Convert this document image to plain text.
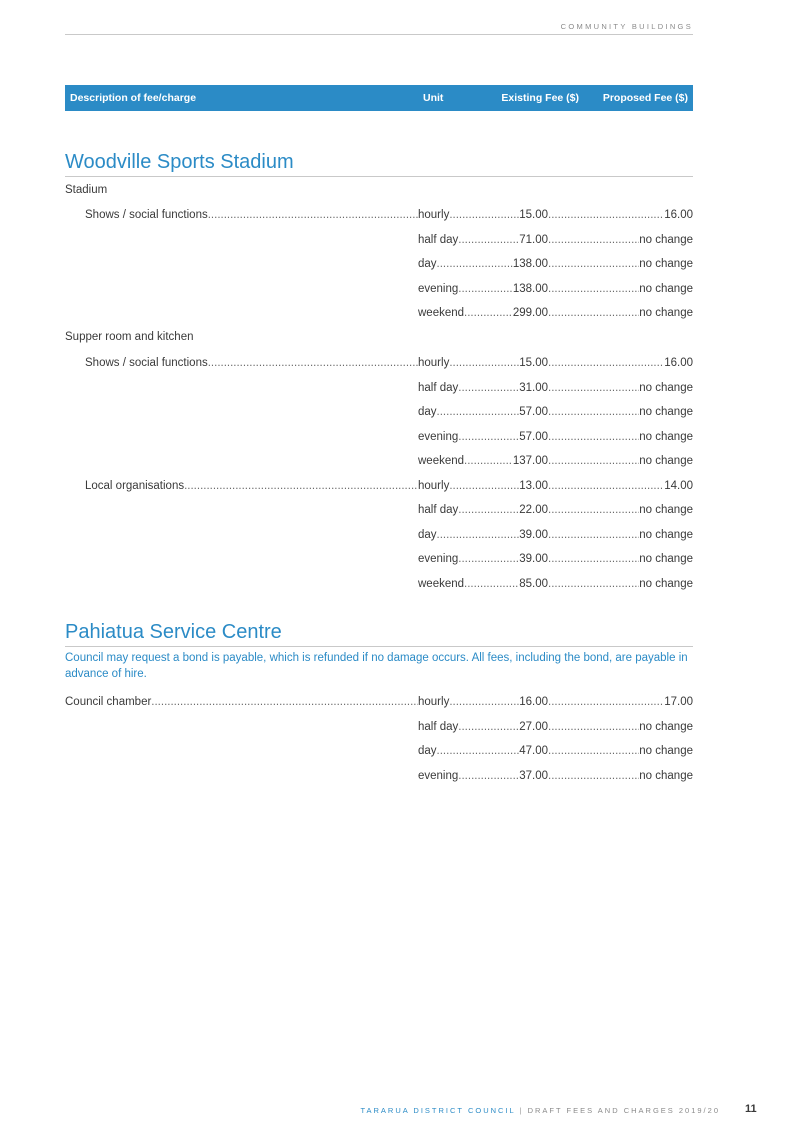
COMMUNITY BUILDINGS
Description of fee/charge	Unit	Existing Fee ($) Proposed Fee ($)
Woodville Sports Stadium
Stadium
Shows / social functions .....	hourly .....	15.00 .....	16.00
half day .....	71.00 .....	no change
day .....	138.00 .....	no change
evening .....	138.00 .....	no change
weekend .....	299.00 .....	no change
Supper room and kitchen
Shows / social functions .....	hourly .....	15.00 .....	16.00
half day .....	31.00 .....	no change
day .....	57.00 .....	no change
evening .....	57.00 .....	no change
weekend .....	137.00 .....	no change
Local organisations .....	hourly .....	13.00 .....	14.00
half day .....	22.00 .....	no change
day .....	39.00 .....	no change
evening .....	39.00 .....	no change
weekend .....	85.00 .....	no change
Pahiatua Service Centre
Council may request a bond is payable, which is refunded if no damage occurs. All fees, including the bond, are payable in advance of hire.
Council chamber .....	hourly .....	16.00 .....	17.00
half day .....	27.00 .....	no change
day .....	47.00 .....	no change
evening .....	37.00 .....	no change
TARARUA DISTRICT COUNCIL | DRAFT FEES AND CHARGES 2019/20 11
